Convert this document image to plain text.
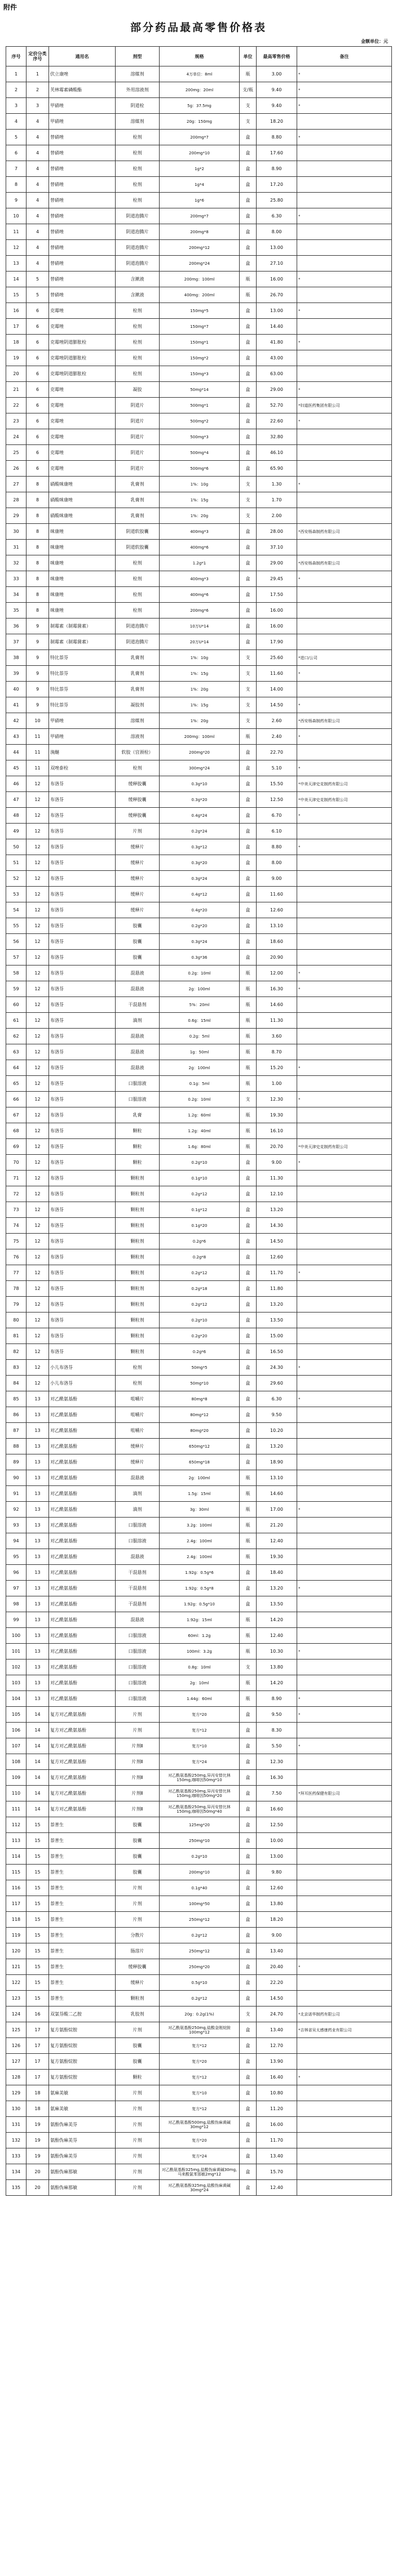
附件
部分药品最高零售价格表
金额单位：元
序号	定价分类序号	通用名	剂型	规格	单位	最高零售价格	备注
1	1	伏立康唑	溶媒剂	4万单位：8ml	瓶	3.00	*
2	2	芙林霉素磷酸酯	外用溶液剂	200mg：20ml	支/瓶	9.40	*
3	3	甲硝唑	阴道栓	5g：37.5mg	支	9.40	*
4	4	甲硝唑	溶媒剂	20g：150mg	支	18.20	
5	4	替硝唑	栓剂	200mg*7	盒	8.80	*
6	4	替硝唑	栓剂	200mg*10	盒	17.60	
7	4	替硝唑	栓剂	1g*2	盒	8.90	
8	4	替硝唑	栓剂	1g*4	盒	17.20	
9	4	替硝唑	栓剂	1g*6	盒	25.80	
10	4	替硝唑	阴道泡腾片	200mg*7	盒	6.30	*
11	4	替硝唑	阴道泡腾片	200mg*8	盒	8.00	
12	4	替硝唑	阴道泡腾片	200mg*12	盒	13.00	
13	4	替硝唑	阴道泡腾片	200mg*24	盒	27.10	
14	5	替硝唑	含漱液	200mg：100ml	瓶	16.00	*
15	5	替硝唑	含漱液	400mg：200ml	瓶	26.70	
16	6	克霉唑	栓剂	150mg*5	盒	13.00	*
17	6	克霉唑	栓剂	150mg*7	盒	14.40	
18	6	克霉唑阴道膨胀栓	栓剂	150mg*1	盒	41.80	*
19	6	克霉唑阴道膨胀栓	栓剂	150mg*2	盒	43.00	
20	6	克霉唑阴道膨胀栓	栓剂	150mg*3	盒	63.00	
21	6	克霉唑	凝胶	50mg*14	盒	29.00	*
22	6	克霉唑	阴道片	500mg*1	盒	52.70	*妇道医药集团有限公司
23	6	克霉唑	阴道片	500mg*2	盒	22.60	*
24	6	克霉唑	阴道片	500mg*3	盒	32.80	
25	6	克霉唑	阴道片	500mg*4	盒	46.10	
26	6	克霉唑	阴道片	500mg*6	盒	65.90	
27	8	硝酸咪康唑	乳膏剂	1%：10g	支	1.30	*
28	8	硝酸咪康唑	乳膏剂	1%：15g	支	1.70	
29	8	硝酸咪康唑	乳膏剂	1%：20g	支	2.00	
30	8	咪康唑	阴道软胶囊	400mg*3	盒	28.00	*西安杨森制药有限公司
31	8	咪康唑	阴道软胶囊	400mg*6	盒	37.10	
32	8	咪康唑	栓剂	1.2g*1	盒	29.00	*西安杨森制药有限公司
33	8	咪康唑	栓剂	400mg*3	盒	29.45	*
34	8	咪康唑	栓剂	400mg*6	盒	17.50	
35	8	咪康唑	栓剂	200mg*6	盒	16.00	
36	9	制霉素（制霉菌素）	阴道泡腾片	10万U*14	盒	16.00	
37	9	制霉素（制霉菌素）	阴道泡腾片	20万U*14	盒	17.90	
38	9	特比萘芬	乳膏剂	1%：10g	支	25.60	*进口/公司
39	9	特比萘芬	乳膏剂	1%：15g	支	11.60	*
40	9	特比萘芬	乳膏剂	1%：20g	支	14.00	
41	9	特比萘芬	凝胶剂	1%：15g	支	14.50	*
42	10	甲硝唑	溶媒剂	1%：20g	支	2.60	*西安杨森制药有限公司
43	11	甲硝唑	溶液剂	200mg：100ml	瓶	2.40	*
44	11	溴醚	软胶（宫颈栓）	200mg*20	盒	22.70	
45	11	双唑泰栓	栓剂	300mg*24	盒	5.10	*
46	12	布洛芬	缓释胶囊	0.3g*10	盒	15.50	*中美天津史克制药有限公司
47	12	布洛芬	缓释胶囊	0.3g*20	盒	12.50	*中美天津史克制药有限公司
48	12	布洛芬	缓释胶囊	0.4g*24	盒	6.70	*
49	12	布洛芬	片剂	0.2g*24	盒	6.10	
50	12	布洛芬	缓释片	0.3g*12	盒	8.80	*
51	12	布洛芬	缓释片	0.3g*20	盒	8.00	
52	12	布洛芬	缓释片	0.3g*24	盒	9.00	
53	12	布洛芬	缓释片	0.4g*12	盒	11.60	
54	12	布洛芬	缓释片	0.4g*20	盒	12.60	
55	12	布洛芬	胶囊	0.2g*20	盒	13.10	
56	12	布洛芬	胶囊	0.3g*24	盒	18.60	
57	12	布洛芬	胶囊	0.3g*36	盒	20.90	
58	12	布洛芬	混悬液	0.2g：10ml	瓶	12.00	*
59	12	布洛芬	混悬液	2g：100ml	瓶	16.30	*
60	12	布洛芬	干混悬剂	5%：20ml	瓶	14.60	
61	12	布洛芬	滴剂	0.6g：15ml	瓶	11.30	
62	12	布洛芬	混悬液	0.2g：5ml	瓶	3.60	
63	12	布洛芬	混悬液	1g：50ml	瓶	8.70	
64	12	布洛芬	混悬液	2g：100ml	瓶	15.20	*
65	12	布洛芬	口服溶液	0.1g：5ml	瓶	1.00	
66	12	布洛芬	口服溶液	0.2g：10ml	支	12.30	*
67	12	布洛芬	乳膏	1.2g：60ml	瓶	19.30	
68	12	布洛芬	颗粒	1.2g：40ml	瓶	16.10	
69	12	布洛芬	颗粒	1.6g：80ml	瓶	20.70	*中美天津史克制药有限公司
70	12	布洛芬	颗粒	0.2g*10	盒	9.00	*
71	12	布洛芬	颗粒剂	0.1g*10	盒	11.30	
72	12	布洛芬	颗粒剂	0.2g*12	盒	12.10	
73	12	布洛芬	颗粒剂	0.1g*12	盒	13.20	
74	12	布洛芬	颗粒剂	0.1g*20	盒	14.30	
75	12	布洛芬	颗粒剂	0.2g*6	盒	14.50	
76	12	布洛芬	颗粒剂	0.2g*8	盒	12.60	
77	12	布洛芬	颗粒剂	0.2g*12	盒	11.70	*
78	12	布洛芬	颗粒剂	0.2g*18	盒	11.80	
79	12	布洛芬	颗粒剂	0.2g*12	盒	13.20	
80	12	布洛芬	颗粒剂	0.2g*10	盒	13.50	
81	12	布洛芬	颗粒剂	0.2g*20	盒	15.00	
82	12	布洛芬	颗粒剂	0.2g*6	盒	16.50	
83	12	小儿布洛芬	栓剂	50mg*5	盒	24.30	*
84	12	小儿布洛芬	栓剂	50mg*10	盒	29.60	
85	13	对乙酰氨基酚	咀嚼片	80mg*8	盒	6.30	*
86	13	对乙酰氨基酚	咀嚼片	80mg*12	盒	9.50	
87	13	对乙酰氨基酚	咀嚼片	80mg*20	盒	10.20	
88	13	对乙酰氨基酚	缓释片	650mg*12	盒	13.20	
89	13	对乙酰氨基酚	缓释片	650mg*18	盒	18.90	
90	13	对乙酰氨基酚	混悬液	2g：100ml	瓶	13.10	
91	13	对乙酰氨基酚	滴剂	1.5g：15ml	瓶	14.60	
92	13	对乙酰氨基酚	滴剂	3g：30ml	瓶	17.00	*
93	13	对乙酰氨基酚	口服溶液	3.2g：100ml	瓶	21.20	
94	13	对乙酰氨基酚	口服溶液	2.4g：100ml	瓶	12.40	
95	13	对乙酰氨基酚	混悬液	2.4g：100ml	瓶	19.30	
96	13	对乙酰氨基酚	干混悬剂	1.92g：0.5g*6	盒	18.40	
97	13	对乙酰氨基酚	干混悬剂	1.92g：0.5g*8	盒	13.20	*
98	13	对乙酰氨基酚	干混悬剂	1.92g：0.5g*10	盒	13.50	
99	13	对乙酰氨基酚	混悬液	1.92g：15ml	瓶	14.20	
100	13	对乙酰氨基酚	口服溶液	60ml：1.2g	瓶	12.40	
101	13	对乙酰氨基酚	口服溶液	100ml：3.2g	瓶	10.30	*
102	13	对乙酰氨基酚	口服溶液	0.8g：10ml	支	13.80	
103	13	对乙酰氨基酚	口服溶液	2g：10ml	瓶	14.20	
104	13	对乙酰氨基酚	口服溶液	1.44g：60ml	瓶	8.90	*
105	14	复方对乙酰氨基酚	片剂	复方*20	盒	9.50	*
106	14	复方对乙酰氨基酚	片剂	复方*12	盒	8.30	
107	14	复方对乙酰氨基酚	片剂Ⅱ	复方*10	盒	5.50	*
108	14	复方对乙酰氨基酚	片剂Ⅱ	复方*24	盒	12.30	
109	14	复方对乙酰氨基酚	片剂Ⅱ	对乙酰氨基酚250mg,异丙安替比林150mg,咖啡因50mg*10	盒	16.30	
110	14	复方对乙酰氨基酚	片剂Ⅱ	对乙酰氨基酚250mg,异丙安替比林150mg,咖啡因50mg*20	盒	7.50	*拜耳医药保健有限公司
111	14	复方对乙酰氨基酚	片剂Ⅱ	对乙酰氨基酚250mg,异丙安替比林150mg,咖啡因50mg*40	盒	16.60	
112	15	萘普生	胶囊	125mg*20	盒	12.50	
113	15	萘普生	胶囊	250mg*10	盒	10.00	
114	15	萘普生	胶囊	0.2g*10	盒	13.00	
115	15	萘普生	胶囊	200mg*10	盒	9.80	
116	15	萘普生	片剂	0.1g*40	盒	12.60	
117	15	萘普生	片剂	100mg*50	盒	13.80	
118	15	萘普生	片剂	250mg*12	盒	18.20	
119	15	萘普生	分散片	0.2g*12	盒	9.00	
120	15	萘普生	肠溶片	250mg*12	盒	13.40	
121	15	萘普生	缓释胶囊	250mg*20	盒	20.40	*
122	15	萘普生	缓释片	0.5g*10	盒	22.20	
123	15	萘普生	颗粒剂	0.2g*12	盒	14.50	
124	16	双氯芬酸二乙胺	乳胶剂	20g：0.2g(1%)	支	24.70	*北京诺华制药有限公司
125	17	复方氨酚烷胺	片剂	对乙酰氨基酚250mg,盐酸金刚烷胺100mg*12	盒	13.40	*吉林省吴太感康药业有限公司
126	17	复方氨酚烷胺	胶囊	复方*12	盒	12.70	
127	17	复方氨酚烷胺	胶囊	复方*20	盒	13.90	
128	17	复方氨酚烷胺	颗粒	复方*12	盒	16.40	*
129	18	氨麻美敏	片剂	复方*10	盒	10.80	
130	18	氨麻美敏	片剂	复方*12	盒	11.20	
131	19	氨酚伪麻美芬	片剂	对乙酰氨基酚500mg,盐酸伪麻黄碱30mg*12	盒	16.00	
132	19	氨酚伪麻美芬	片剂	复方*20	盒	11.70	
133	19	氨酚伪麻美芬	片剂	复方*24	盒	13.40	
134	20	氨酚伪麻那敏	片剂	对乙酰氨基酚325mg,盐酸伪麻黄碱30mg,马来酸氯苯那敏2mg*12	盒	15.70	
135	20	氨酚伪麻那敏	片剂	对乙酰氨基酚325mg,盐酸伪麻黄碱30mg*24	盒	12.40	
